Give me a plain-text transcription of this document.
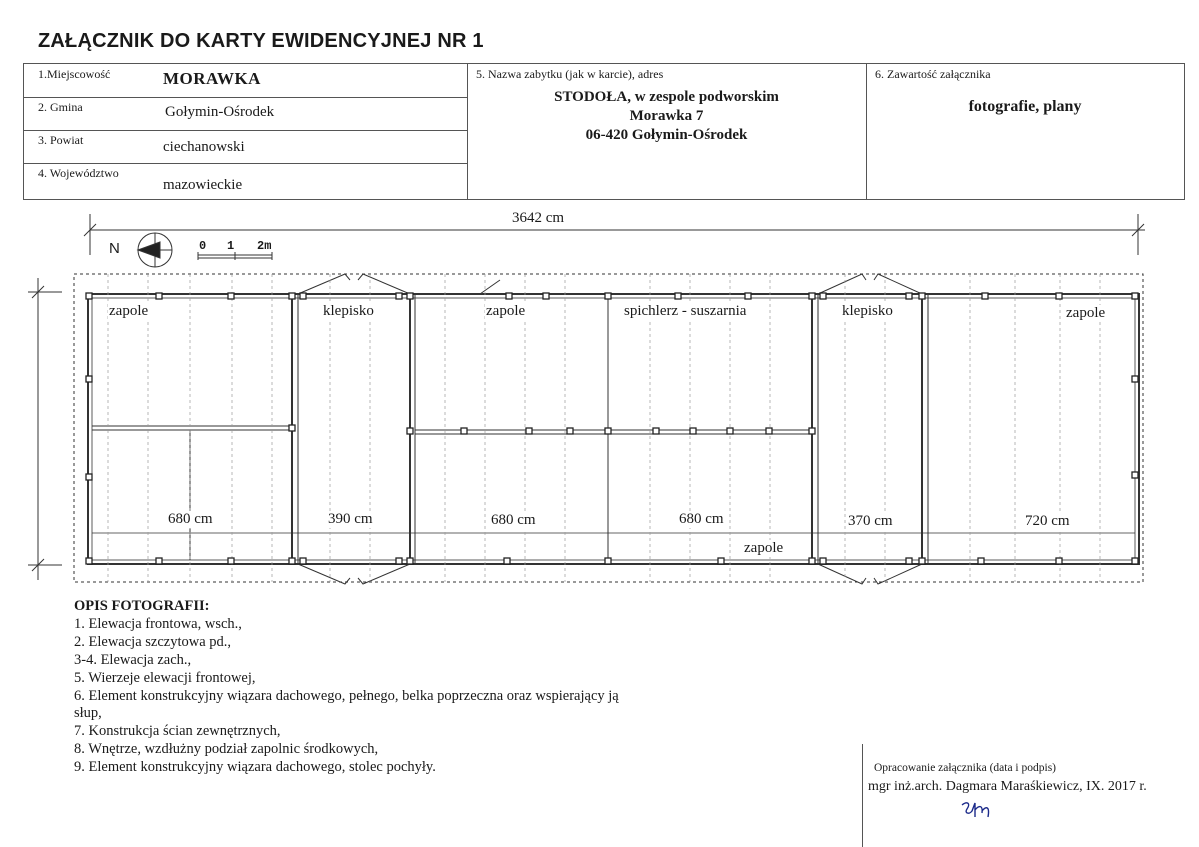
ZAŁĄCZNIK DO KARTY EWIDENCYJNEJ NR 1
1.Miejscowość	MORAWKA
2. Gmina	Gołymin-Ośrodek
3. Powiat	ciechanowski
4. Województwo
mazowieckie
5. Nazwa zabytku (jak w karcie), adres
STODOŁA, w zespole podworskim
Morawka 7
06-420 Gołymin-Ośrodek
6. Zawartość załącznika
fotografie, plany
3642 cm
N	0 1 2m
zapole	klepisko	zapole	spichlerz - suszarnia	klepisko	zapole
zapole
680 cm	390 cm	680 cm	680 cm	370 cm	720 cm
OPIS FOTOGRAFII:
1. Elewacja frontowa, wsch.,
2. Elewacja szczytowa pd.,
3-4. Elewacja zach.,
5. Wierzeje elewacji frontowej,
6. Element konstrukcyjny wiązara dachowego, pełnego, belka poprzeczna oraz wspierający ją
słup,
7. Konstrukcja ścian zewnętrznych,
8. Wnętrze, wzdłużny podział zapolnic środkowych,
9. Element konstrukcyjny wiązara dachowego, stolec pochyły.	Opracowanie załącznika (data i podpis)
mgr inż.arch. Dagmara Maraśkiewicz, IX. 2017 r.
